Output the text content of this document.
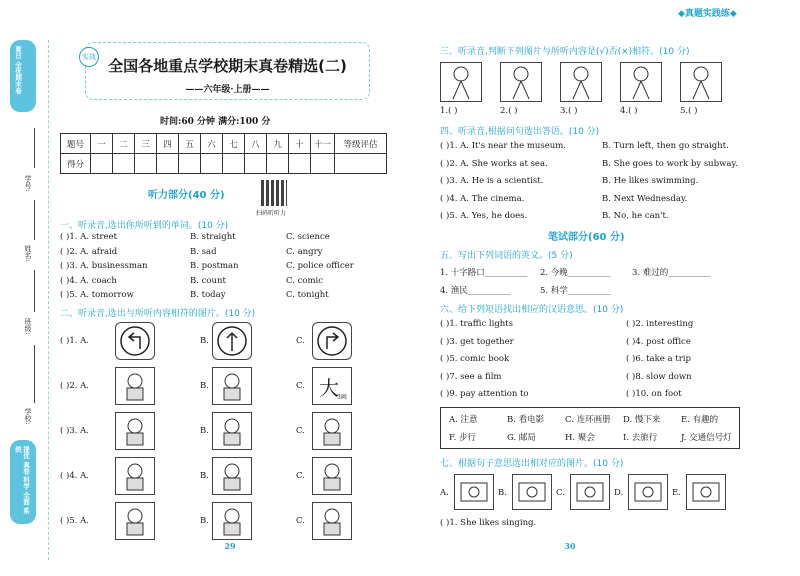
夏日 全优期末卷
提优 真卷 科学 全面 系统
学号:
姓名:
班级:
学校:
全国各地重点学校期末真卷精选(二)
——六年级·上册——
实战
时间:60 分钟 满分:100 分
题号	一	二	三	四	五	六	七	八	九	十	十一	等级评估
得分												
听力部分(40 分)
扫码听听力
一、听录音,选出你所听到的单词。(10 分)
( )1. A. street	B. straight	C. science
( )2. A. afraid	B. sad	C. angry
( )3. A. businessman	B. postman	C. police officer
( )4. A. coach	B. count	C. comic
( )5. A. tomorrow	B. today	C. tonight
二、听录音,选出与所听内容相符的图片。(10 分)
( )1. A.	B.	C.
( )2. A.	B.	C. 大
3画
( )3. A.	B.	C.
( )4. A.	B.	C.
( )5. A.	B.	C.
29
◆真题实践练◆
三、听录音,判断下列图片与所听内容是(√)否(×)相符。(10 分)
1.( )	2.( )	3.( )	4.( )	5.( )
四、听录音,根据问句选出答语。(10 分)
( )1. A. It's near the museum.	B. Turn left, then go straight.
( )2. A. She works at sea.	B. She goes to work by subway.
( )3. A. He is a scientist.	B. He likes swimming.
( )4. A. The cinema.	B. Next Wednesday.
( )5. A. Yes, he does.	B. No, he can't.
笔试部分(60 分)
五、写出下列词语的英文。(5 分)
1. 十字路口__________ 2. 今晚__________	3. 难过的__________
4. 渔民__________	5. 科学__________
六、给下列短语找出相应的汉语意思。(10 分)
( )1. traffic lights	( )2. interesting
( )3. get together	( )4. post office
( )5. comic book	( )6. take a trip
( )7. see a film	( )8. slow down
( )9. pay attention to	( )10. on foot
A. 注意	B. 看电影 C. 连环画册 D. 慢下来 E. 有趣的
F. 步行	G. 邮局	H. 聚会	I. 去旅行	J. 交通信号灯
七、根据句子意思选出相对应的图片。(10 分)
A.	B.	C.	D.	E.
( )1. She likes singing.
30
